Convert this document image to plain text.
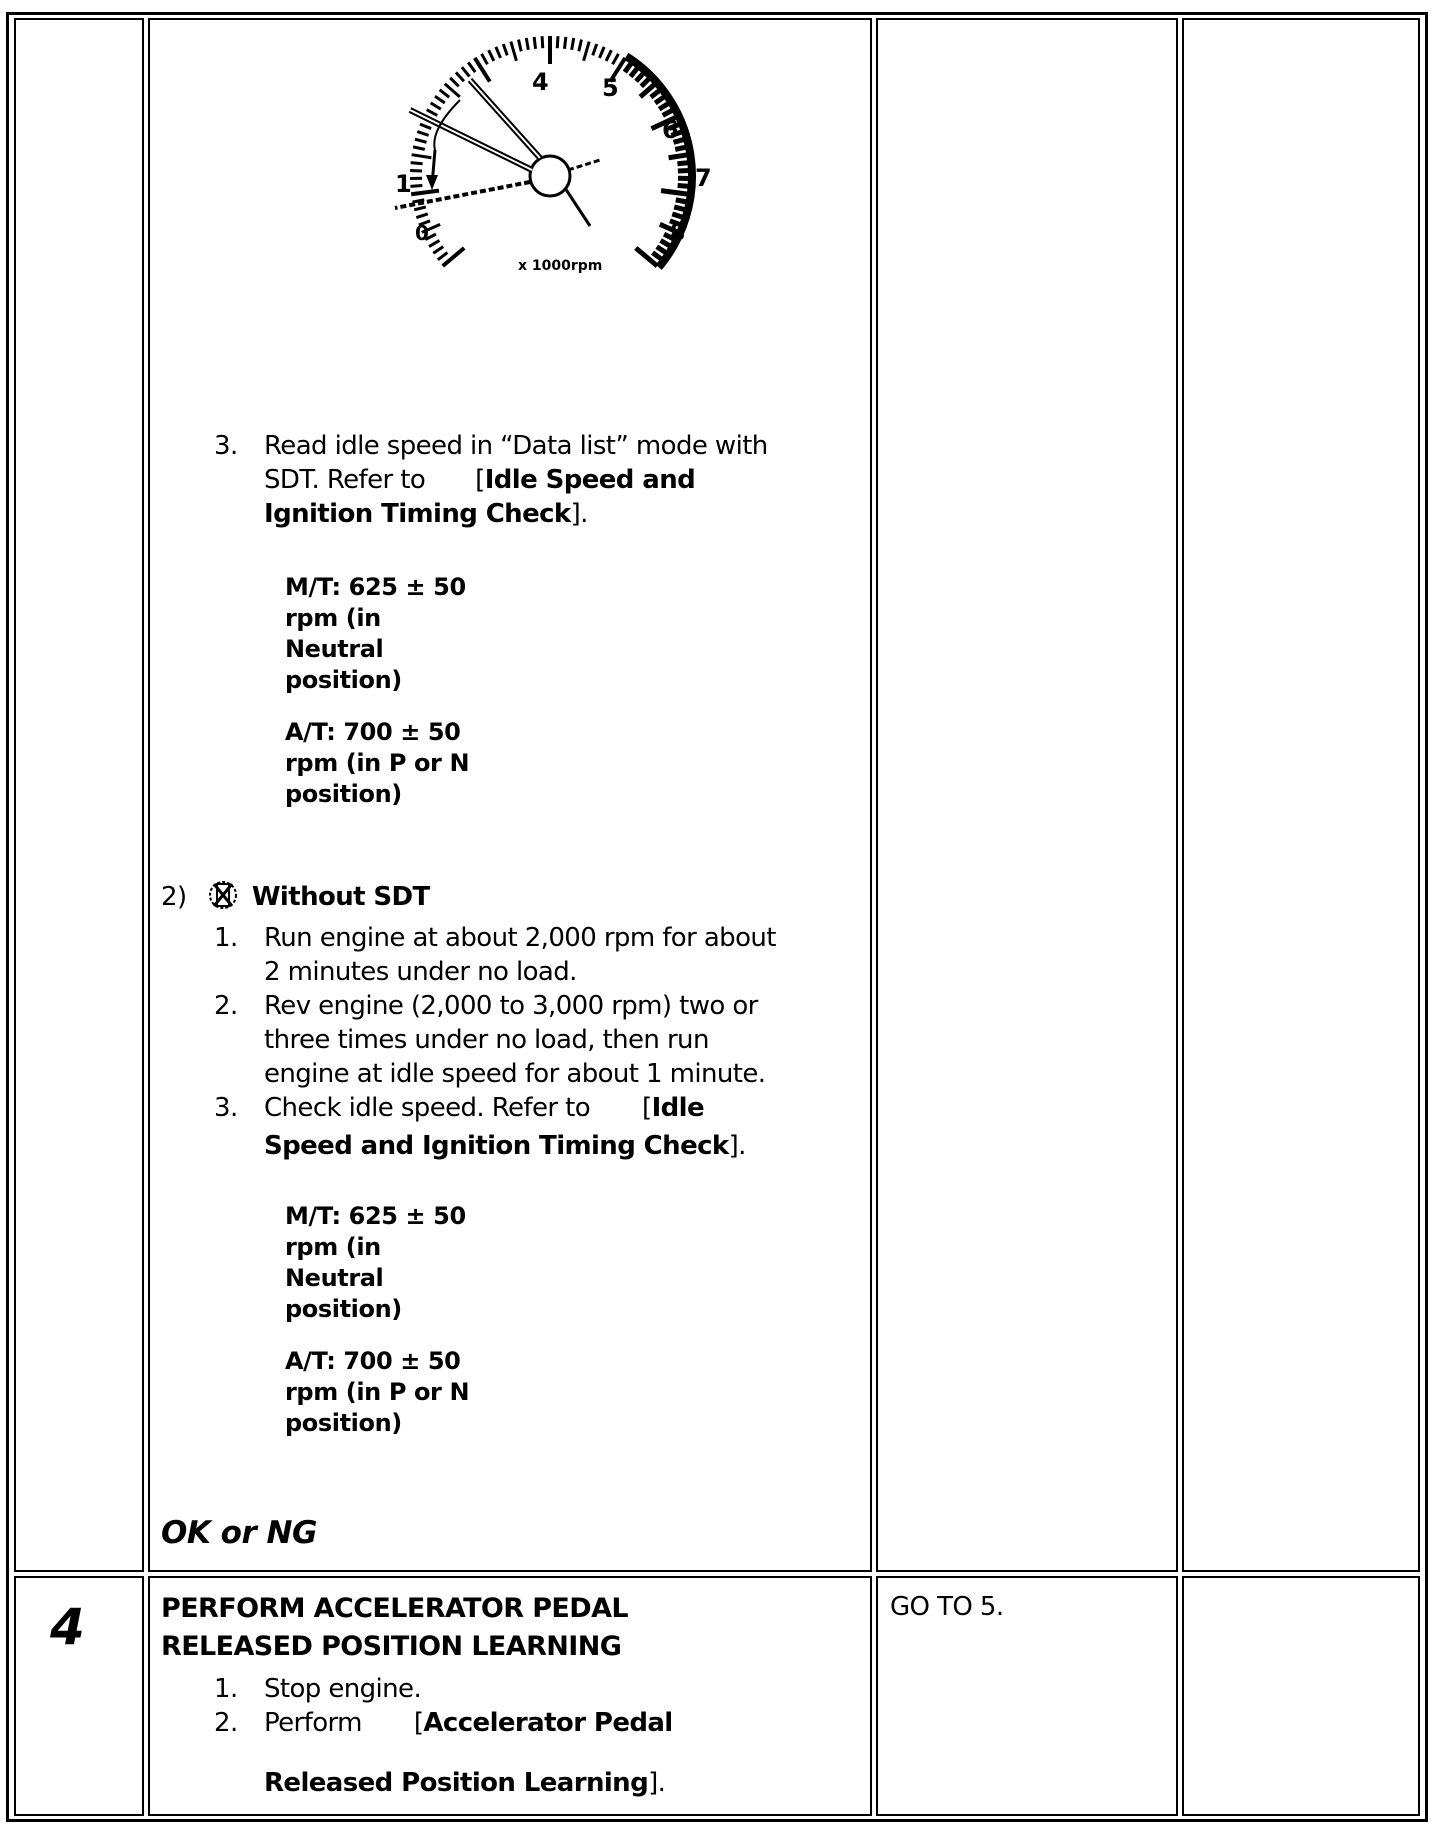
1
0
4 5
6
7
8
x 1000rpm
3. Read idle speed in “Data list” mode with
SDT. Refer to [Idle Speed and
Ignition Timing Check].
M/T: 625 ± 50
rpm (in
Neutral
position)
A/T: 700 ± 50
rpm (in P or N
position)
2)	Without SDT
1. Run engine at about 2,000 rpm for about
2 minutes under no load.
2. Rev engine (2,000 to 3,000 rpm) two or
three times under no load, then run
engine at idle speed for about 1 minute.
3. Check idle speed. Refer to [Idle
Speed and Ignition Timing Check].
M/T: 625 ± 50
rpm (in
Neutral
position)
A/T: 700 ± 50
rpm (in P or N
position)
OK or NG
4	PERFORM ACCELERATOR PEDAL
RELEASED POSITION LEARNING
1. Stop engine.
2. Perform [Accelerator Pedal
Released Position Learning].
GO TO 5.
